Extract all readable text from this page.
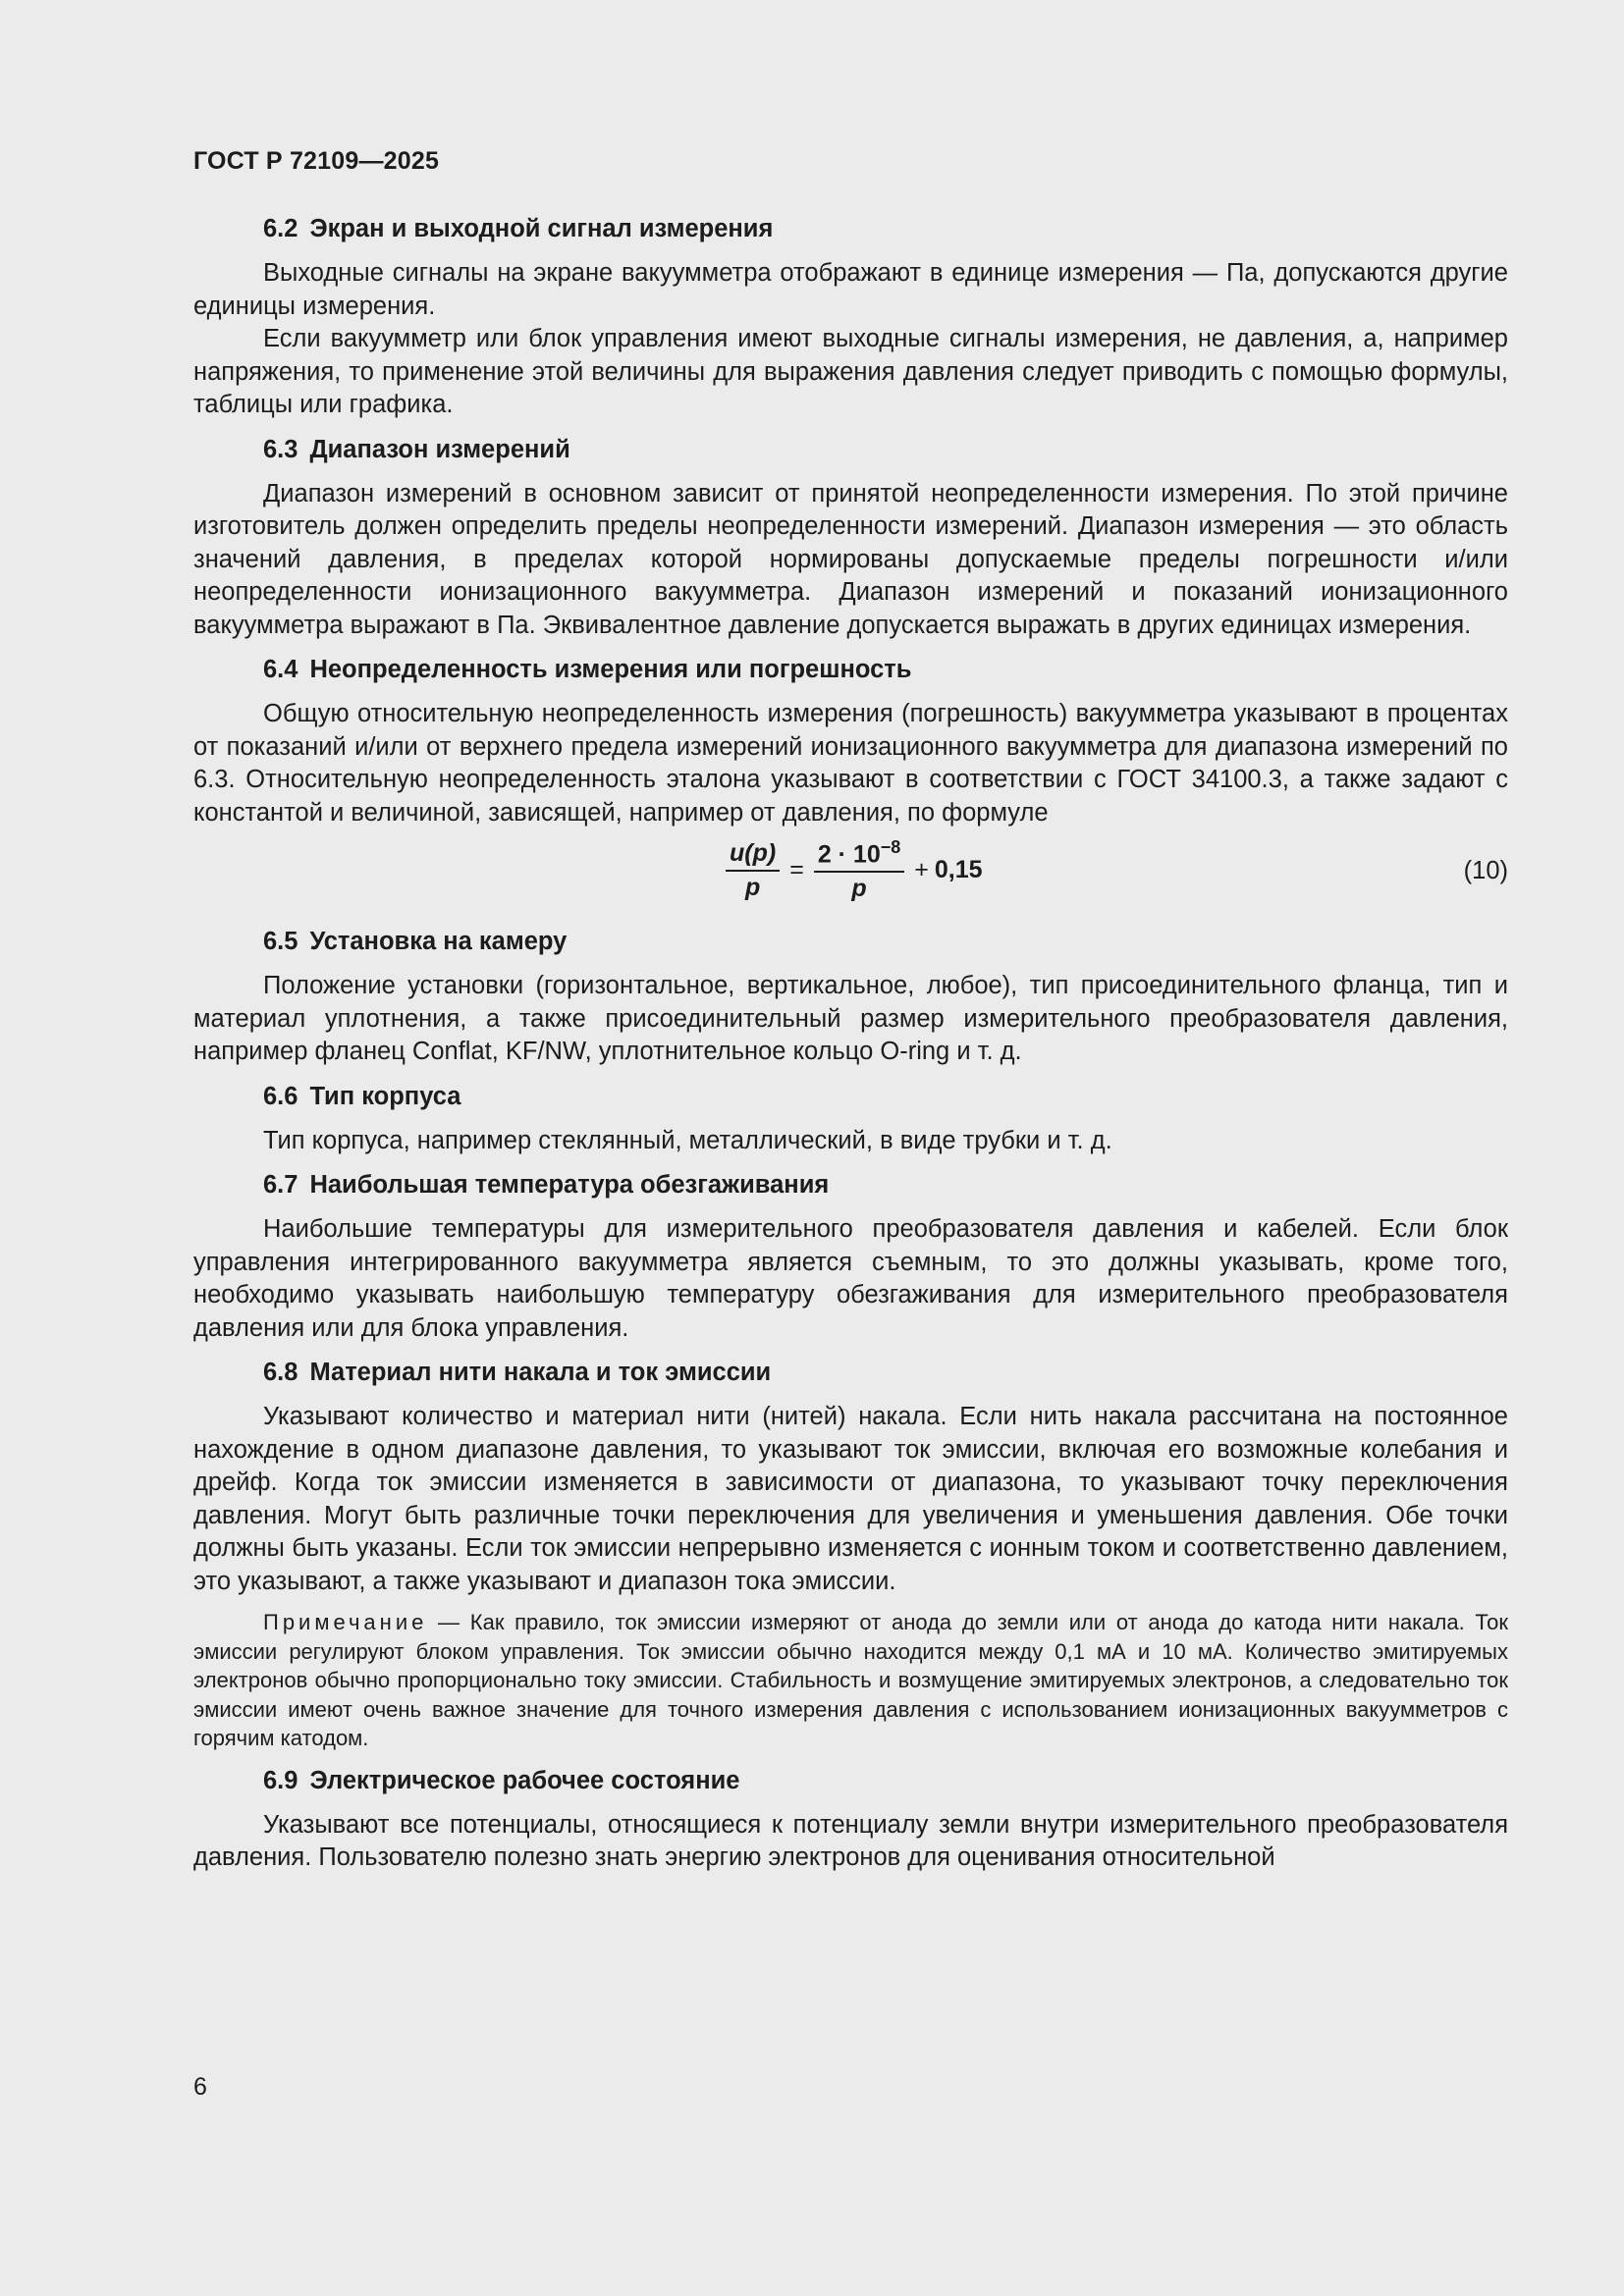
ГОСТ Р 72109—2025
6.2 Экран и выходной сигнал измерения

Выходные сигналы на экране вакуумметра отображают в единице измерения — Па, допускаются другие единицы измерения.

Если вакуумметр или блок управления имеют выходные сигналы измерения, не давления, а, например напряжения, то применение этой величины для выражения давления следует приводить с помощью формулы, таблицы или графика.

6.3 Диапазон измерений

Диапазон измерений в основном зависит от принятой неопределенности измерения. По этой причине изготовитель должен определить пределы неопределенности измерений. Диапазон измерения — это область значений давления, в пределах которой нормированы допускаемые пределы погрешности и/или неопределенности ионизационного вакуумметра. Диапазон измерений и показаний ионизационного вакуумметра выражают в Па. Эквивалентное давление допускается выражать в других единицах измерения.

6.4 Неопределенность измерения или погрешность

Общую относительную неопределенность измерения (погрешность) вакуумметра указывают в процентах от показаний и/или от верхнего предела измерений ионизационного вакуумметра для диапазона измерений по 6.3. Относительную неопределенность эталона указывают в соответствии с ГОСТ 34100.3, а также задают с константой и величиной, зависящей, например от давления, по формуле

$\frac{u(p)}{p} = \frac{2 \cdot 10^{-8}}{p} + 0,15$	(10)
6.5 Установка на камеру

Положение установки (горизонтальное, вертикальное, любое), тип присоединительного фланца, тип и материал уплотнения, а также присоединительный размер измерительного преобразователя давления, например фланец Conflat, KF/NW, уплотнительное кольцо O-ring и т. д.

6.6 Тип корпуса

Тип корпуса, например стеклянный, металлический, в виде трубки и т. д.

6.7 Наибольшая температура обезгаживания

Наибольшие температуры для измерительного преобразователя давления и кабелей. Если блок управления интегрированного вакуумметра является съемным, то это должны указывать, кроме того, необходимо указывать наибольшую температуру обезгаживания для измерительного преобразователя давления или для блока управления.

6.8 Материал нити накала и ток эмиссии

Указывают количество и материал нити (нитей) накала. Если нить накала рассчитана на постоянное нахождение в одном диапазоне давления, то указывают ток эмиссии, включая его возможные колебания и дрейф. Когда ток эмиссии изменяется в зависимости от диапазона, то указывают точку переключения давления. Могут быть различные точки переключения для увеличения и уменьшения давления. Обе точки должны быть указаны. Если ток эмиссии непрерывно изменяется с ионным током и соответственно давлением, это указывают, а также указывают и диапазон тока эмиссии.

Примечание — Как правило, ток эмиссии измеряют от анода до земли или от анода до катода нити накала. Ток эмиссии регулируют блоком управления. Ток эмиссии обычно находится между 0,1 мА и 10 мА. Количество эмитируемых электронов обычно пропорционально току эмиссии. Стабильность и возмущение эмитируемых электронов, а следовательно ток эмиссии имеют очень важное значение для точного измерения давления с использованием ионизационных вакуумметров с горячим катодом.

6.9 Электрическое рабочее состояние

Указывают все потенциалы, относящиеся к потенциалу земли внутри измерительного преобразователя давления. Пользователю полезно знать энергию электронов для оценивания относительной

6
